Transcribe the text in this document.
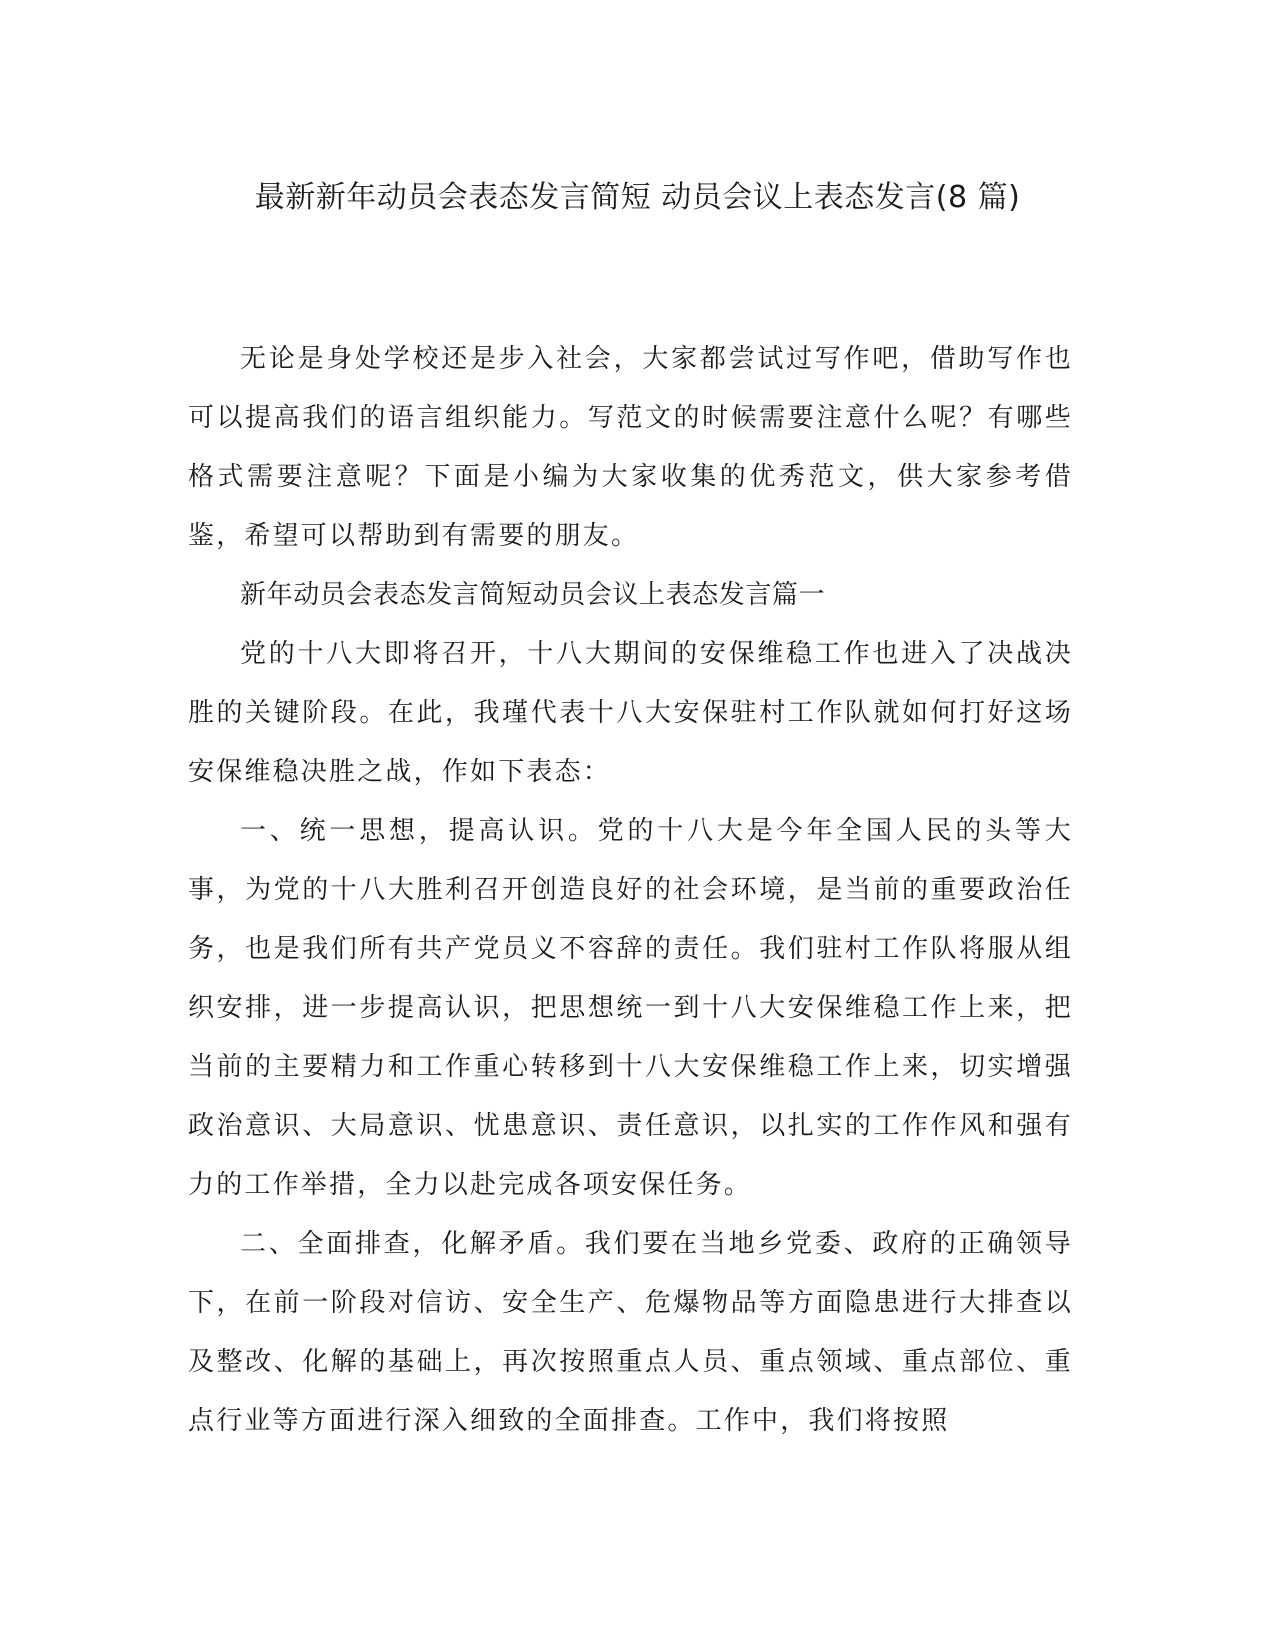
最新新年动员会表态发言简短 动员会议上表态发言(8 篇)

无论是身处学校还是步入社会，大家都尝试过写作吧，借助写作也可以提高我们的语言组织能力。写范文的时候需要注意什么呢？有哪些格式需要注意呢？下面是小编为大家收集的优秀范文，供大家参考借鉴，希望可以帮助到有需要的朋友。

新年动员会表态发言简短动员会议上表态发言篇一

党的十八大即将召开，十八大期间的安保维稳工作也进入了决战决胜的关键阶段。在此，我瑾代表十八大安保驻村工作队就如何打好这场安保维稳决胜之战，作如下表态：

一、统一思想，提高认识。党的十八大是今年全国人民的头等大事，为党的十八大胜利召开创造良好的社会环境，是当前的重要政治任务，也是我们所有共产党员义不容辞的责任。我们驻村工作队将服从组织安排，进一步提高认识，把思想统一到十八大安保维稳工作上来，把当前的主要精力和工作重心转移到十八大安保维稳工作上来，切实增强政治意识、大局意识、忧患意识、责任意识，以扎实的工作作风和强有力的工作举措，全力以赴完成各项安保任务。

二、全面排查，化解矛盾。我们要在当地乡党委、政府的正确领导下，在前一阶段对信访、安全生产、危爆物品等方面隐患进行大排查以及整改、化解的基础上，再次按照重点人员、重点领域、重点部位、重点行业等方面进行深入细致的全面排查。工作中，我们将按照
